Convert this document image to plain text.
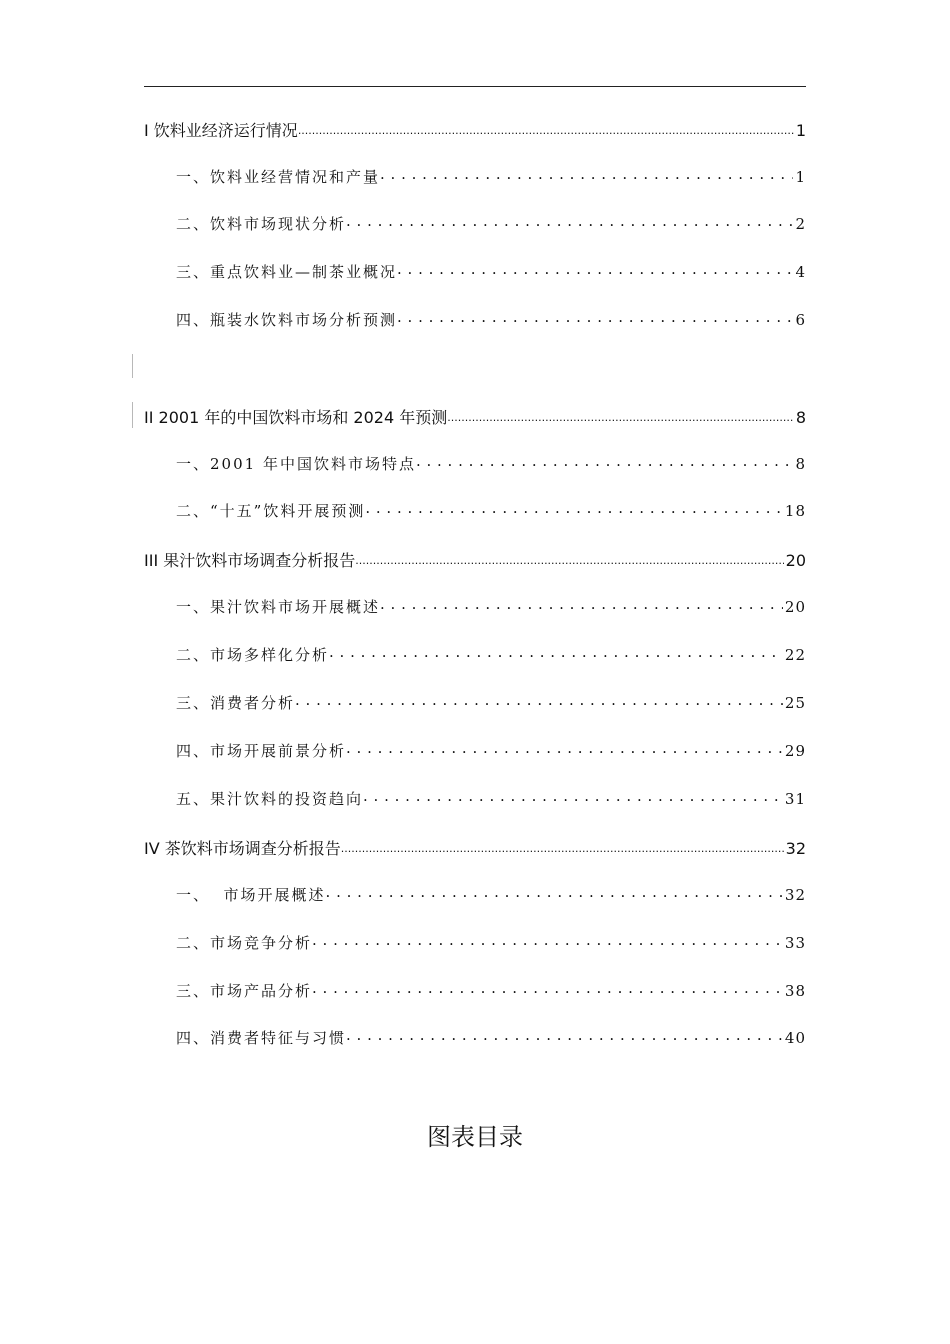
I 饮料业经济运行情况 .....	1
一、饮料业经营情况和产量 . . .	1
二、饮料市场现状分析 . . .	2
三、重点饮料业—制茶业概况 . . .	4
四、瓶装水饮料市场分析预测 . . .	6
II 2001 年的中国饮料市场和 2024 年预测 .....	8
一、2001 年中国饮料市场特点 . . .	8
二、“十五”饮料开展预测 . . .	18
III 果汁饮料市场调查分析报告 .....	20
一、果汁饮料市场开展概述 . . .	20
二、市场多样化分析 . . .	22
三、消费者分析 . . .	25
四、市场开展前景分析 . . .	29
五、果汁饮料的投资趋向 . . .	31
IV 茶饮料市场调查分析报告 .....	32
一、  市场开展概述 . . .	32
二、市场竞争分析 . . .	33
三、市场产品分析 . . .	38
四、消费者特征与习惯 . . .	40
图表目录
